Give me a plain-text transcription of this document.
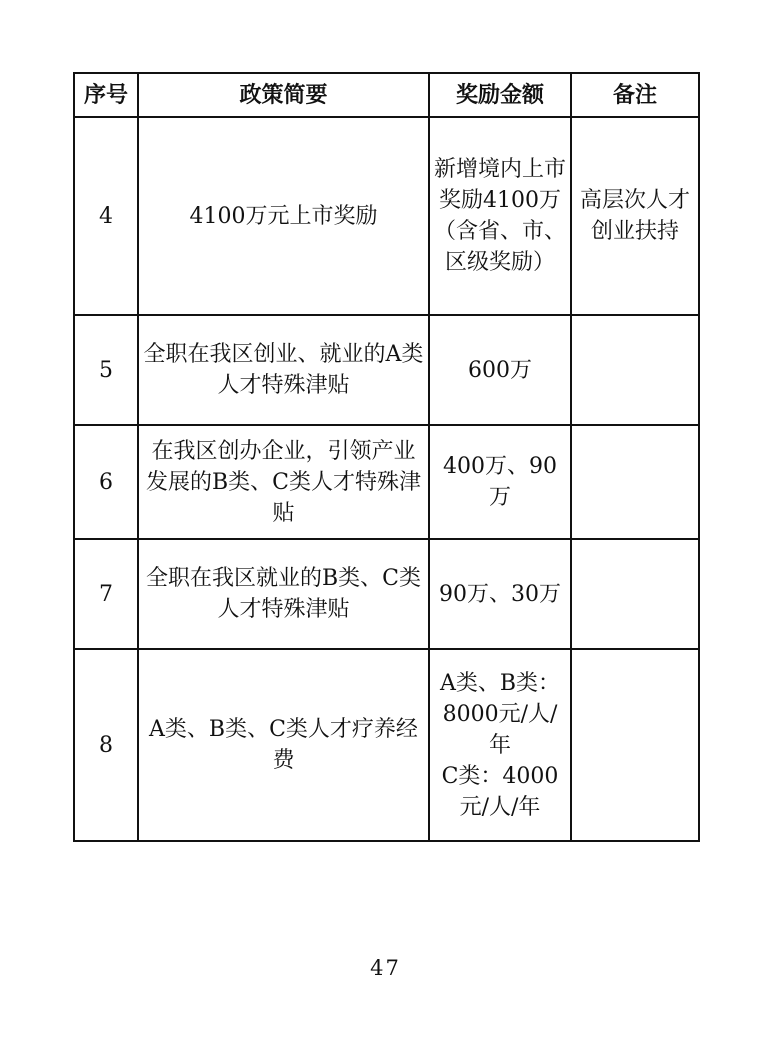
序号	政策简要	奖励金额	备注
4	4100万元上市奖励	新增境内上市奖励4100万（含省、市、区级奖励）	高层次人才创业扶持
5	全职在我区创业、就业的A类人才特殊津贴	600万	
6	在我区创办企业，引领产业发展的B类、C类人才特殊津贴	400万、90万	
7	全职在我区就业的B类、C类人才特殊津贴	90万、30万	
8	A类、B类、C类人才疗养经费	A类、B类：8000元/人/年
C类：4000元/人/年	

47
